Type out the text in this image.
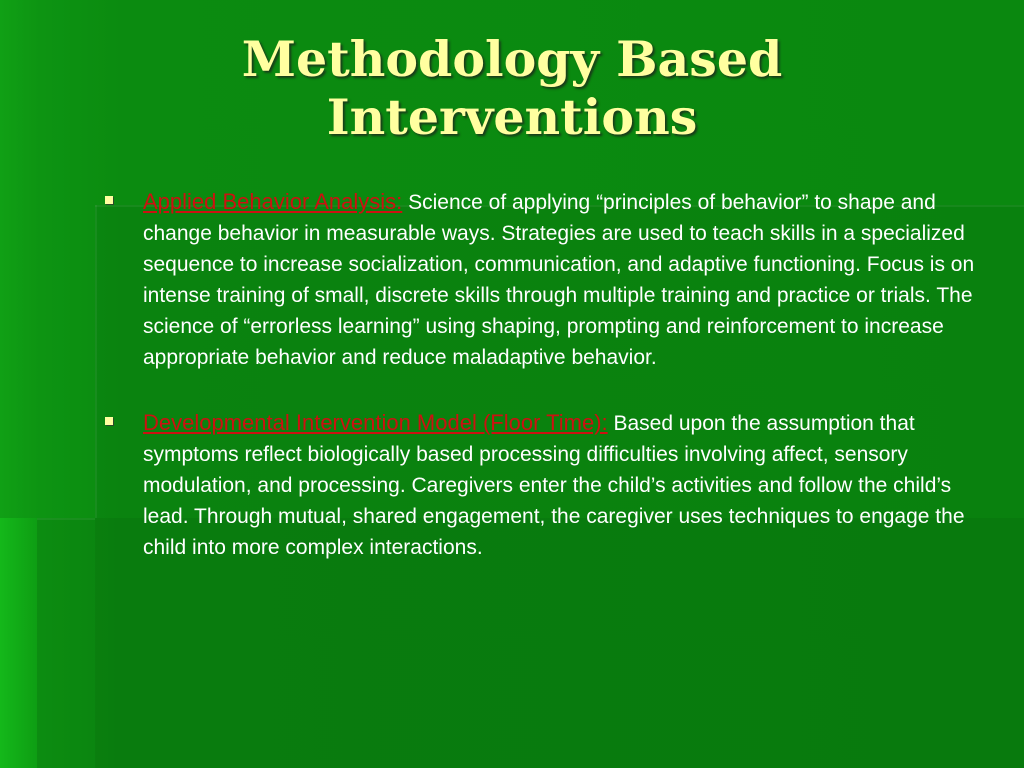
Methodology Based
Interventions
Applied Behavior Analysis: Science of applying “principles of behavior” to shape and change behavior in measurable ways. Strategies are used to teach skills in a specialized sequence to increase socialization, communication, and adaptive functioning. Focus is on intense training of small, discrete skills through multiple training and practice or trials. The science of “errorless learning” using shaping, prompting and reinforcement to increase appropriate behavior and reduce maladaptive behavior.
Developmental Intervention Model (Floor Time): Based upon the assumption that symptoms reflect biologically based processing difficulties involving affect, sensory modulation, and processing. Caregivers enter the child’s activities and follow the child’s lead. Through mutual, shared engagement, the caregiver uses techniques to engage the child into more complex interactions.
